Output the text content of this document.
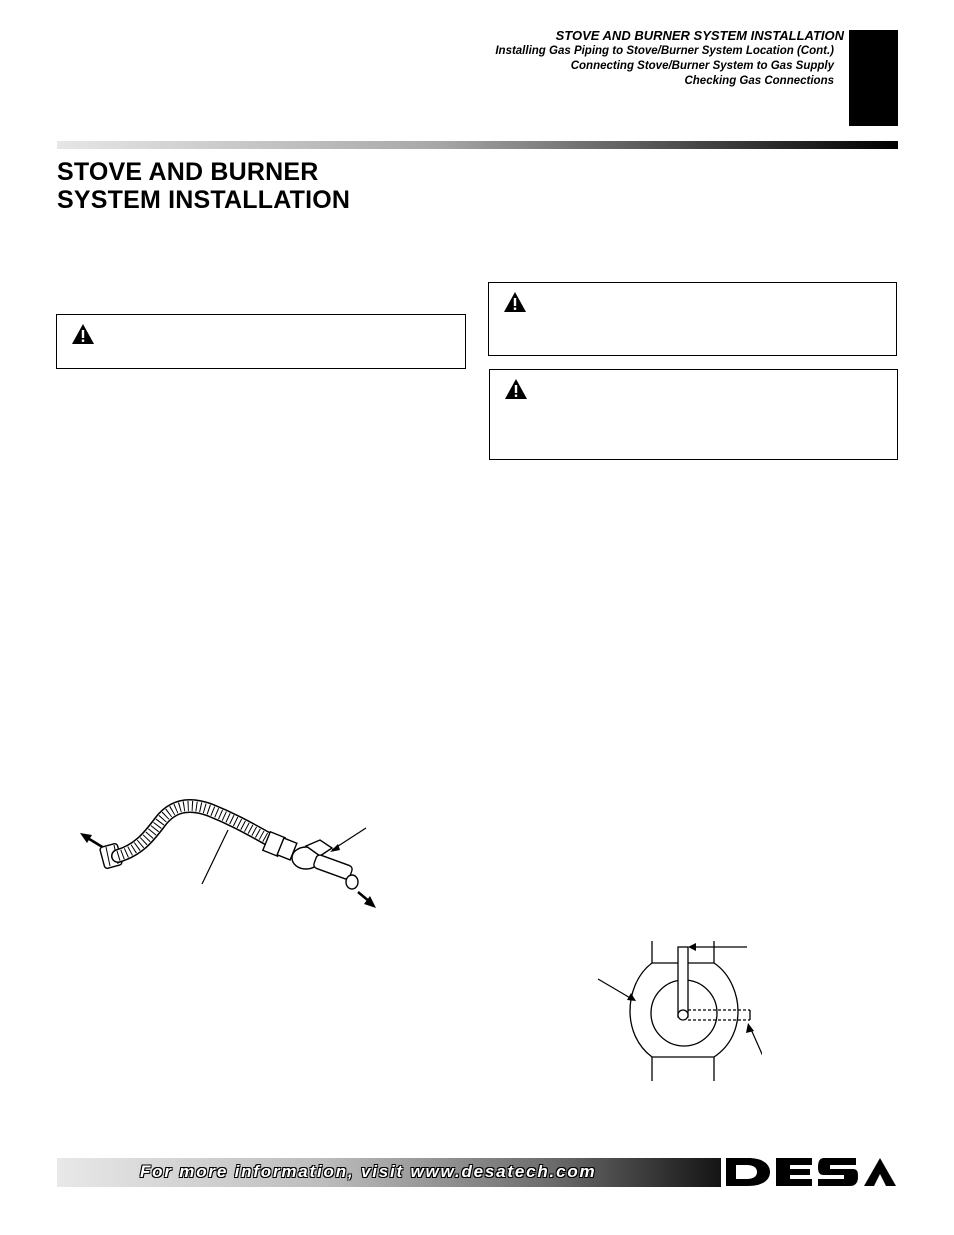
STOVE AND BURNER SYSTEM INSTALLATION
Installing Gas Piping to Stove/Burner System Location (Cont.)
Connecting Stove/Burner System to Gas Supply
Checking Gas Connections
STOVE AND BURNER
SYSTEM INSTALLATION
For more information, visit www.desatech.com
